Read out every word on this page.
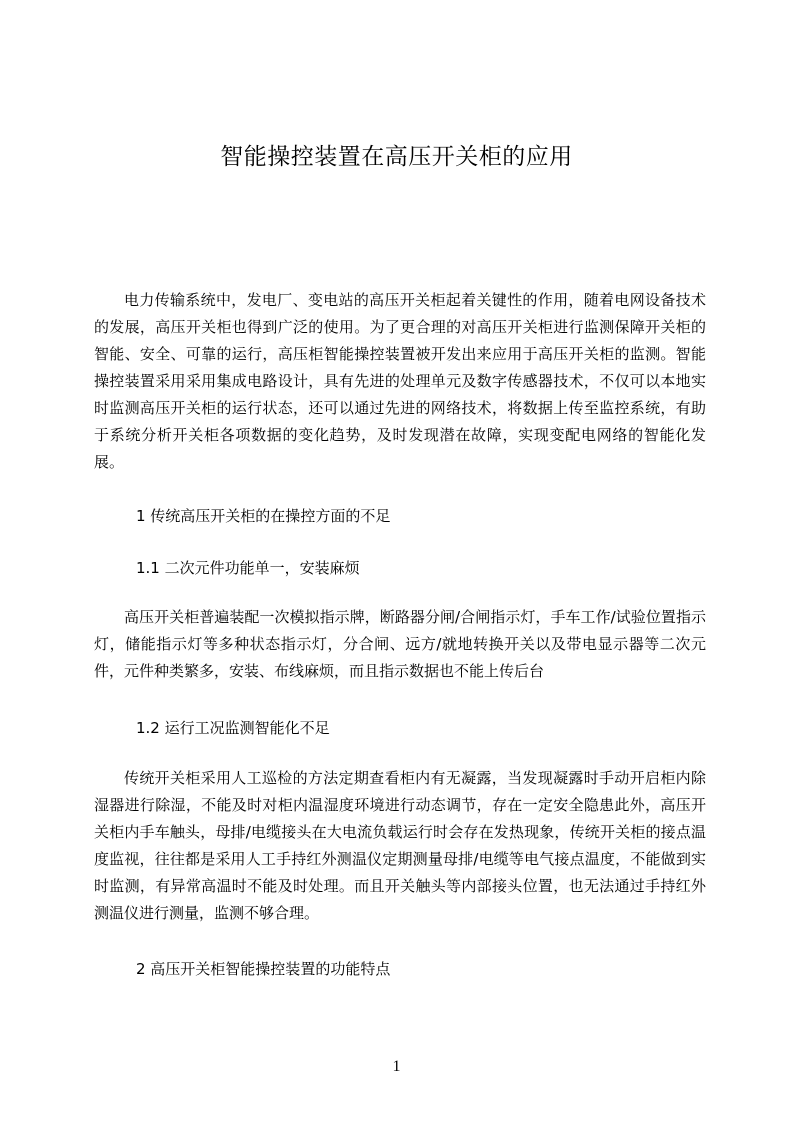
智能操控装置在高压开关柜的应用

电力传输系统中，发电厂、变电站的高压开关柜起着关键性的作用，随着电网设备技术的发展，高压开关柜也得到广泛的使用。为了更合理的对高压开关柜进行监测保障开关柜的智能、安全、可靠的运行，高压柜智能操控装置被开发出来应用于高压开关柜的监测。智能操控装置采用采用集成电路设计，具有先进的处理单元及数字传感器技术，不仅可以本地实时监测高压开关柜的运行状态，还可以通过先进的网络技术，将数据上传至监控系统，有助于系统分析开关柜各项数据的变化趋势，及时发现潜在故障，实现变配电网络的智能化发展。

1 传统高压开关柜的在操控方面的不足
1.1 二次元件功能单一，安装麻烦

高压开关柜普遍装配一次模拟指示牌，断路器分闸/合闸指示灯，手车工作/试验位置指示灯，储能指示灯等多种状态指示灯，分合闸、远方/就地转换开关以及带电显示器等二次元件，元件种类繁多，安装、布线麻烦，而且指示数据也不能上传后台

1.2 运行工况监测智能化不足

传统开关柜采用人工巡检的方法定期查看柜内有无凝露，当发现凝露时手动开启柜内除湿器进行除湿，不能及时对柜内温湿度环境进行动态调节，存在一定安全隐患此外，高压开关柜内手车触头，母排/电缆接头在大电流负载运行时会存在发热现象，传统开关柜的接点温度监视，往往都是采用人工手持红外测温仪定期测量母排/电缆等电气接点温度，不能做到实时监测，有异常高温时不能及时处理。而且开关触头等内部接头位置，也无法通过手持红外测温仪进行测量，监测不够合理。

2 高压开关柜智能操控装置的功能特点
1
